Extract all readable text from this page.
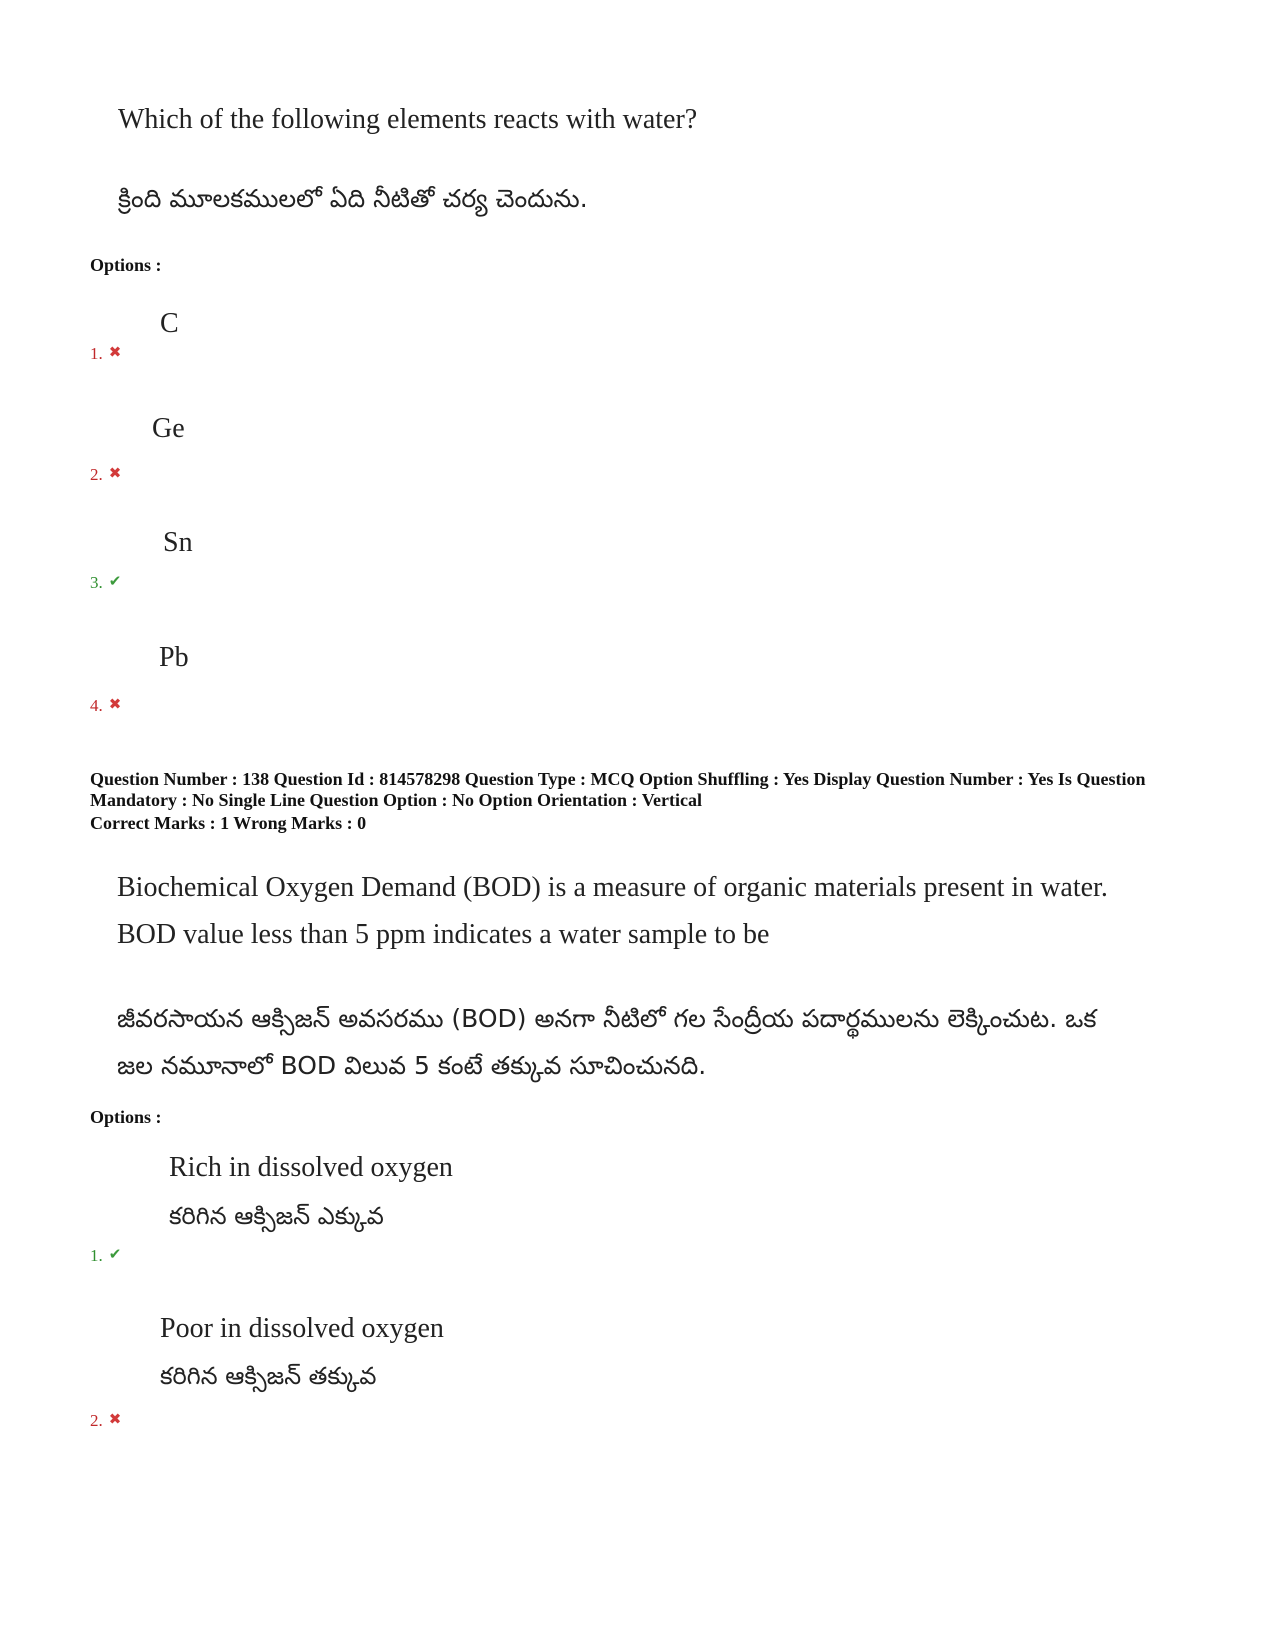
Which of the following elements reacts with water?
క్రింది మూలకములలో ఏది నీటితో చర్య చెందును.
Options :
C
1. ✖
Ge
2. ✖
Sn
3. ✔
Pb
4. ✖
Question Number : 138 Question Id : 814578298 Question Type : MCQ Option Shuffling : Yes Display Question Number : Yes Is Question Mandatory : No Single Line Question Option : No Option Orientation : Vertical
Correct Marks : 1 Wrong Marks : 0
Biochemical Oxygen Demand (BOD) is a measure of organic materials present in water.
BOD value less than 5 ppm indicates a water sample to be
జీవరసాయన ఆక్సిజన్ అవసరము (BOD) అనగా నీటిలో గల సేంద్రీయ పదార్థములను లెక్కించుట. ఒక
జల నమూనాలో BOD విలువ 5 కంటే తక్కువ సూచించునది.
Options :
Rich in dissolved oxygen
కరిగిన ఆక్సిజన్ ఎక్కువ
1. ✔
Poor in dissolved oxygen
కరిగిన ఆక్సిజన్ తక్కువ
2. ✖
